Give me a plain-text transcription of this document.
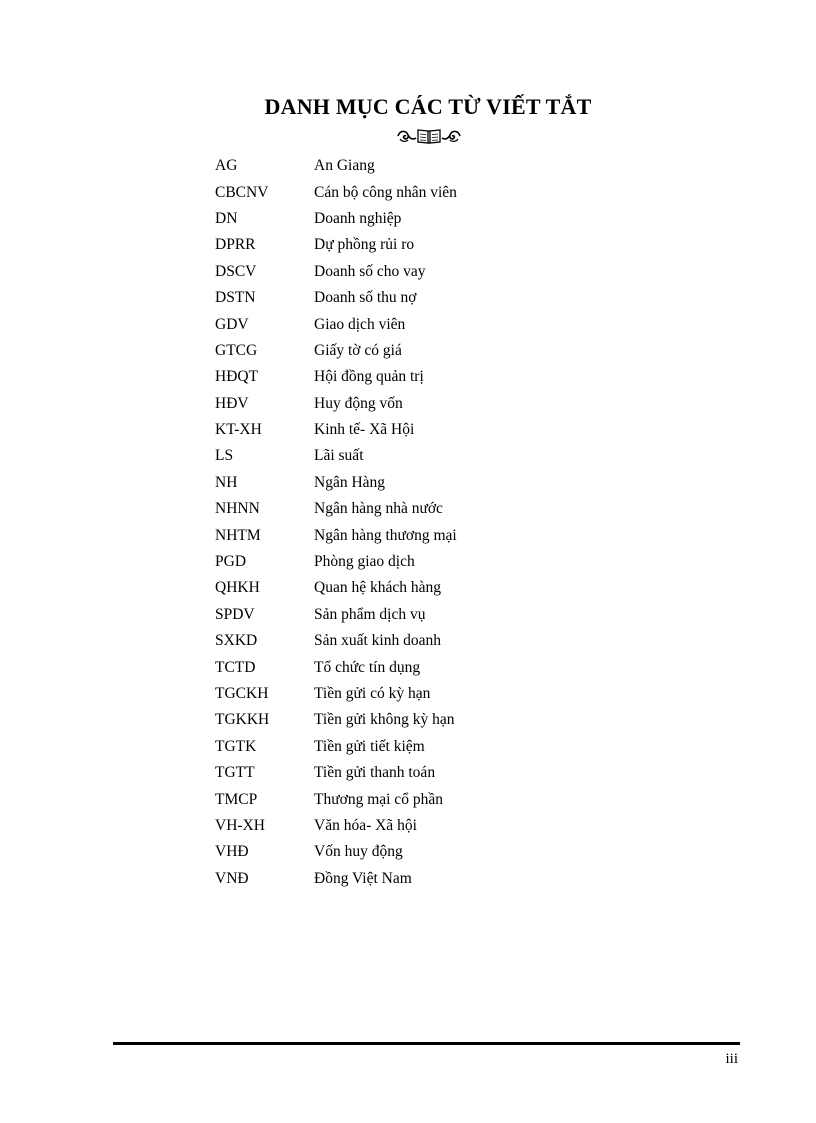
DANH MỤC CÁC TỪ VIẾT TẮT
AG	An Giang
CBCNV	Cán bộ công nhân viên
DN	Doanh nghiệp
DPRR	Dự phồng rủi ro
DSCV	Doanh số cho vay
DSTN	Doanh số thu nợ
GDV	Giao dịch viên
GTCG	Giấy tờ có giá
HĐQT	Hội đồng quản trị
HĐV	Huy động vốn
KT-XH	Kinh tế- Xã Hội
LS	Lãi suất
NH	Ngân Hàng
NHNN	Ngân hàng nhà nước
NHTM	Ngân hàng thương mại
PGD	Phòng giao dịch
QHKH	Quan hệ khách hàng
SPDV	Sản phẩm dịch vụ
SXKD	Sản xuất kinh doanh
TCTD	Tổ chức tín dụng
TGCKH	Tiền gửi có kỳ hạn
TGKKH	Tiền gửi không kỳ hạn
TGTK	Tiền gửi tiết kiệm
TGTT	Tiền gửi thanh toán
TMCP	Thương mại cổ phần
VH-XH	Văn hóa- Xã hội
VHĐ	Vốn huy động
VNĐ	Đồng Việt Nam
iii
